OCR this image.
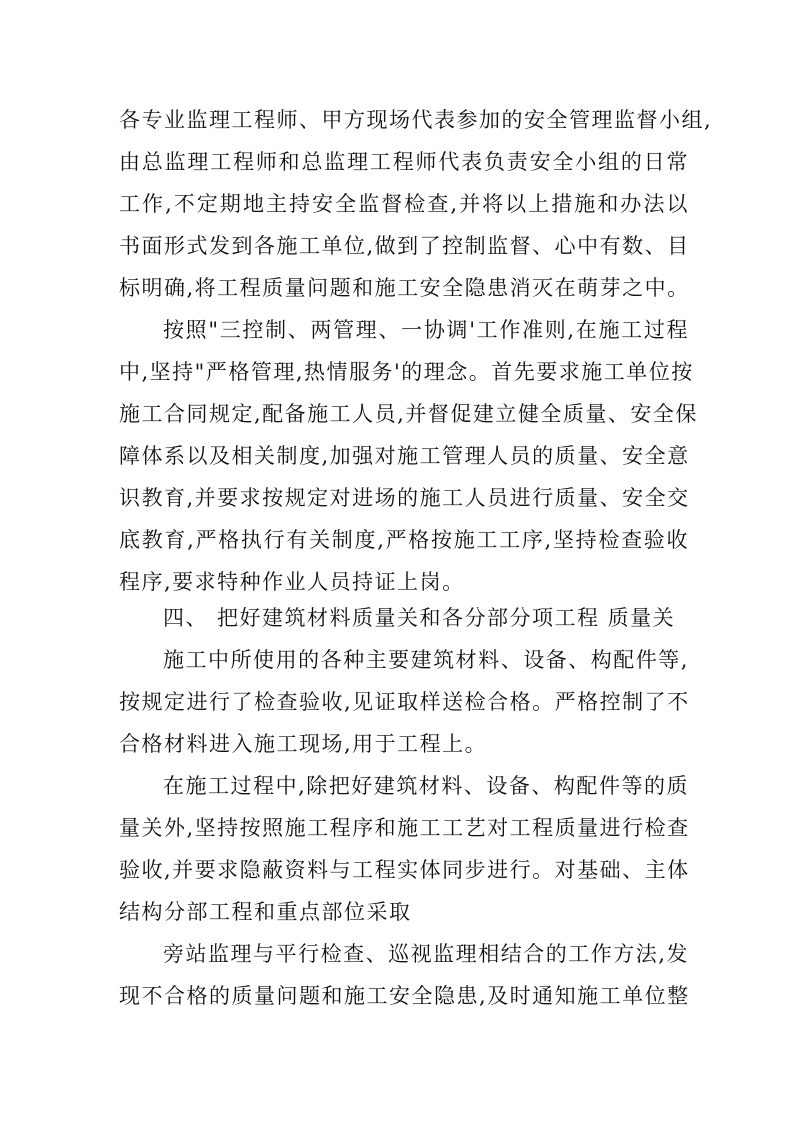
各专业监理工程师、甲方现场代表参加的安全管理监督小组,
由总监理工程师和总监理工程师代表负责安全小组的日常
工作,不定期地主持安全监督检查,并将以上措施和办法以
书面形式发到各施工单位,做到了控制监督、心中有数、目
标明确,将工程质量问题和施工安全隐患消灭在萌芽之中。
按照"三控制、两管理、一协调'工作准则,在施工过程
中,坚持"严格管理,热情服务'的理念。首先要求施工单位按
施工合同规定,配备施工人员,并督促建立健全质量、安全保
障体系以及相关制度,加强对施工管理人员的质量、安全意
识教育,并要求按规定对进场的施工人员进行质量、安全交
底教育,严格执行有关制度,严格按施工工序,坚持检查验收
程序,要求特种作业人员持证上岗。
四、 把好建筑材料质量关和各分部分项工程 质量关
施工中所使用的各种主要建筑材料、设备、构配件等,
按规定进行了检查验收,见证取样送检合格。严格控制了不
合格材料进入施工现场,用于工程上。
在施工过程中,除把好建筑材料、设备、构配件等的质
量关外,坚持按照施工程序和施工工艺对工程质量进行检查
验收,并要求隐蔽资料与工程实体同步进行。对基础、主体
结构分部工程和重点部位采取
旁站监理与平行检查、巡视监理相结合的工作方法,发
现不合格的质量问题和施工安全隐患,及时通知施工单位整
